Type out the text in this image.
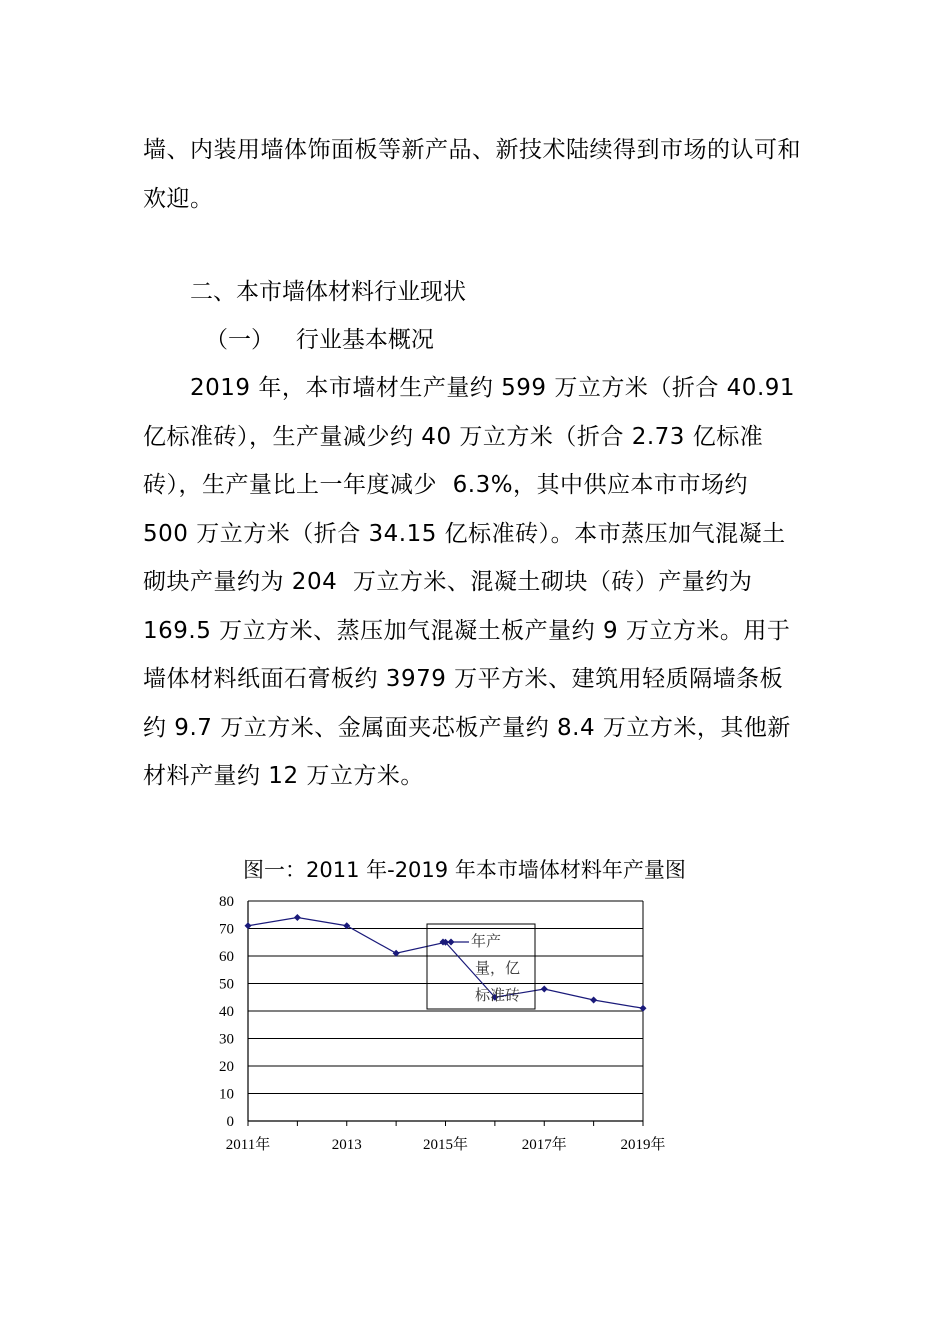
墙、内装用墙体饰面板等新产品、新技术陆续得到市场的认可和
欢迎。

二、本市墙体材料行业现状

（一）   行业基本概况

2019 年，本市墙材生产量约 599 万立方米（折合 40.91
亿标准砖），生产量减少约 40 万立方米（折合 2.73 亿标准
砖），生产量比上一年度减少  6.3%，其中供应本市市场约
500 万立方米（折合 34.15 亿标准砖）。本市蒸压加气混凝土
砌块产量约为 204  万立方米、混凝土砌块（砖）产量约为
169.5 万立方米、蒸压加气混凝土板产量约 9 万立方米。用于
墙体材料纸面石膏板约 3979 万平方米、建筑用轻质隔墙条板
约 9.7 万立方米、金属面夹芯板产量约 8.4 万立方米，其他新
材料产量约 12 万立方米。

图一：2011 年-2019 年本市墙体材料年产量图
0
10
20
30
40
50
60
70
80
2011年	2013	2015年	2017年	2019年
年产
量，亿
标准砖
